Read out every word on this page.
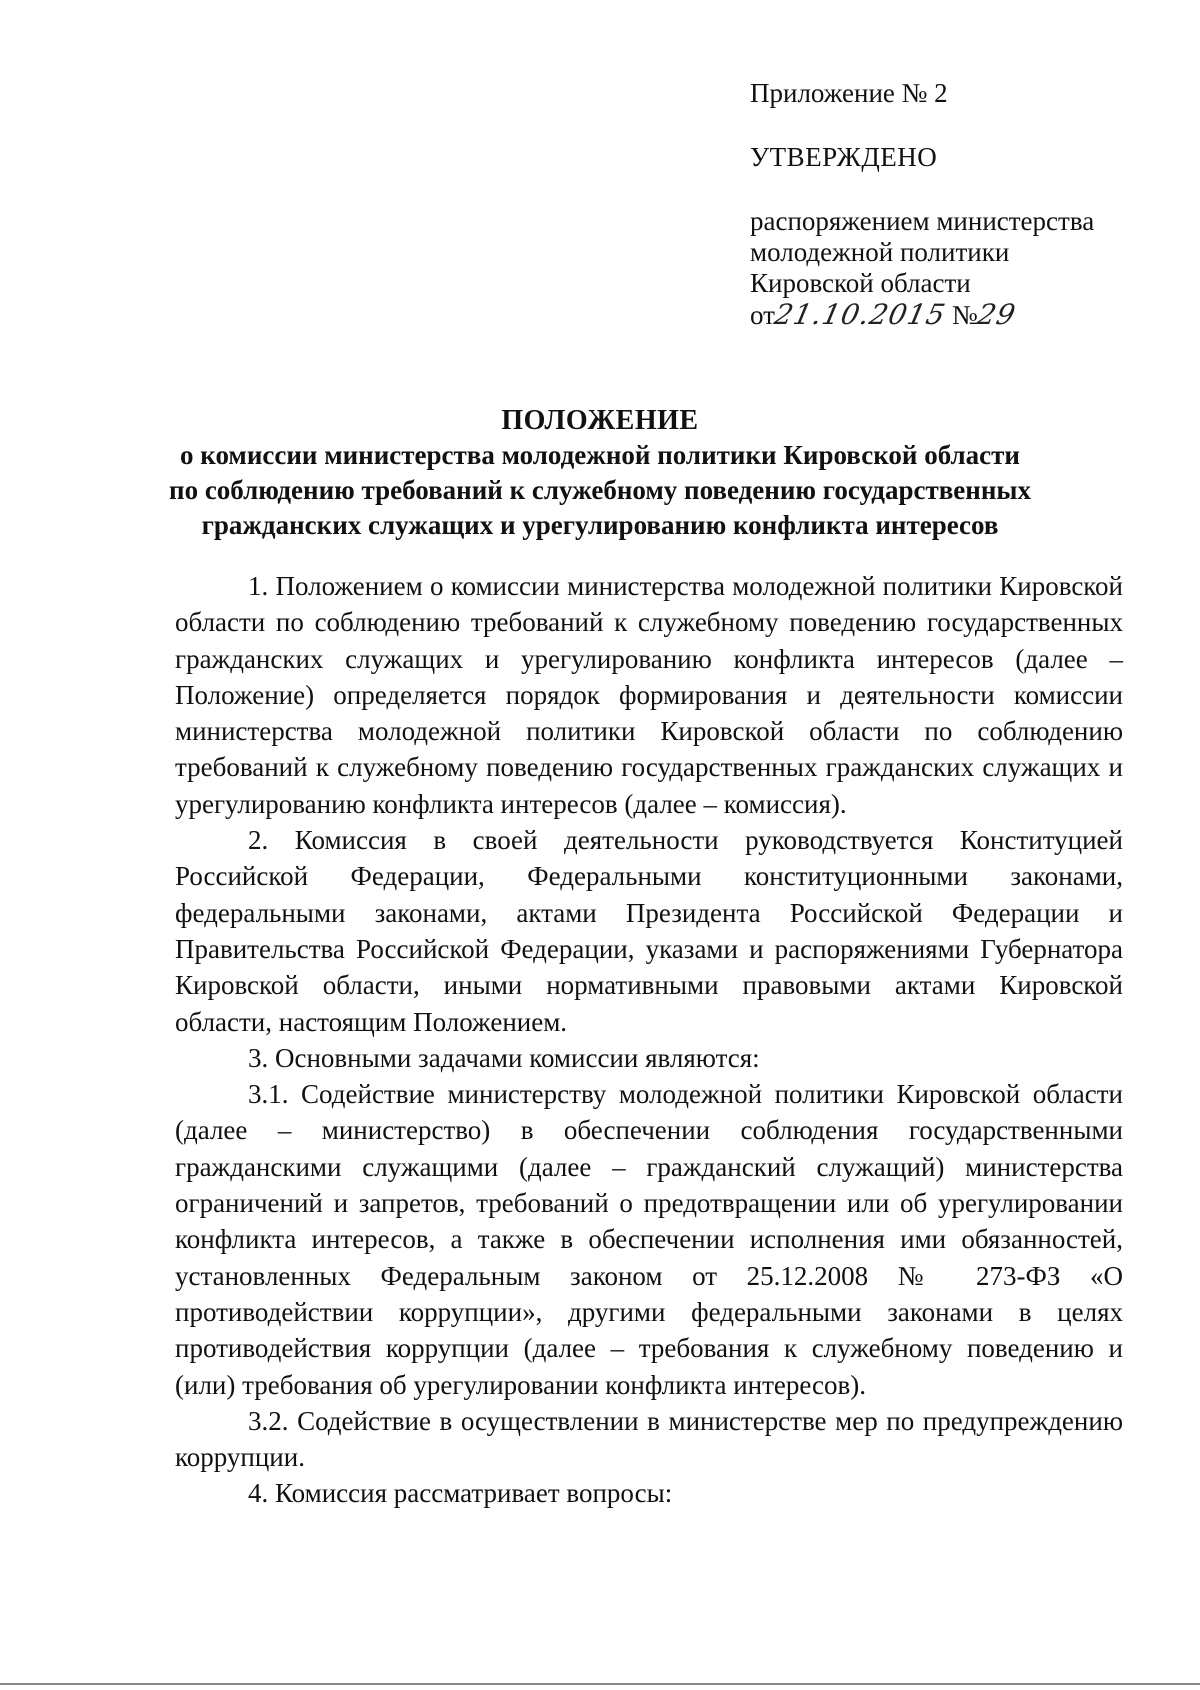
Приложение № 2
УТВЕРЖДЕНО
распоряжением министерства
молодежной политики
Кировской области
от21.10.2015 №29
ПОЛОЖЕНИЕ
о комиссии министерства молодежной политики Кировской области
по соблюдению требований к служебному поведению государственных
гражданских служащих и урегулированию конфликта интересов

1. Положением о комиссии министерства молодежной политики Кировской области по соблюдению требований к служебному поведению государственных гражданских служащих и урегулированию конфликта интересов (далее – Положение) определяется порядок формирования и деятельности комиссии министерства молодежной политики Кировской области по соблюдению требований к служебному поведению государственных гражданских служащих и урегулированию конфликта интересов (далее – комиссия).

2. Комиссия в своей деятельности руководствуется Конституцией Российской Федерации, Федеральными конституционными законами, федеральными законами, актами Президента Российской Федерации и Правительства Российской Федерации, указами и распоряжениями Губернатора Кировской области, иными нормативными правовыми актами Кировской области, настоящим Положением.

3. Основными задачами комиссии являются:

3.1. Содействие министерству молодежной политики Кировской области (далее – министерство) в обеспечении соблюдения государственными гражданскими служащими (далее – гражданский служащий) министерства ограничений и запретов, требований о предотвращении или об урегулировании конфликта интересов, а также в обеспечении исполнения ими обязанностей, установленных Федеральным законом от 25.12.2008 № 273-ФЗ «О противодействии коррупции», другими федеральными законами в целях противодействия коррупции (далее – требования к служебному поведению и (или) требования об урегулировании конфликта интересов).

3.2. Содействие в осуществлении в министерстве мер по предупреждению коррупции.

4. Комиссия рассматривает вопросы:
